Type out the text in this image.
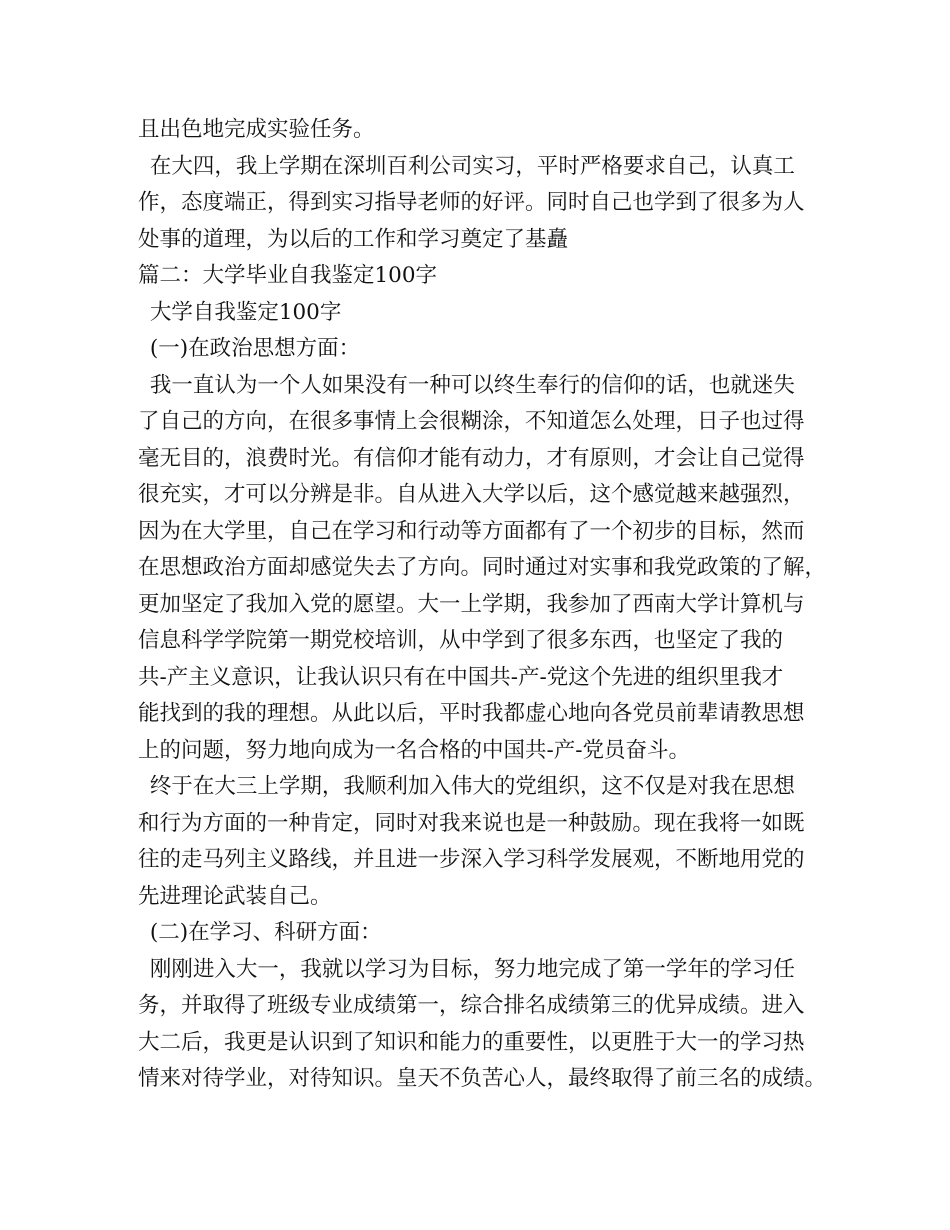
且出色地完成实验任务。
在大四，我上学期在深圳百利公司实习，平时严格要求自己，认真工
作，态度端正，得到实习指导老师的好评。同时自己也学到了很多为人
处事的道理，为以后的工作和学习奠定了基矗
篇二：大学毕业自我鉴定100字
大学自我鉴定100字
(一)在政治思想方面：
我一直认为一个人如果没有一种可以终生奉行的信仰的话，也就迷失
了自己的方向，在很多事情上会很糊涂，不知道怎么处理，日子也过得
毫无目的，浪费时光。有信仰才能有动力，才有原则，才会让自己觉得
很充实，才可以分辨是非。自从进入大学以后，这个感觉越来越强烈，
因为在大学里，自己在学习和行动等方面都有了一个初步的目标，然而
在思想政治方面却感觉失去了方向。同时通过对实事和我党政策的了解，
更加坚定了我加入党的愿望。大一上学期，我参加了西南大学计算机与
信息科学学院第一期党校培训，从中学到了很多东西，也坚定了我的
共-产主义意识，让我认识只有在中国共-产-党这个先进的组织里我才
能找到的我的理想。从此以后，平时我都虚心地向各党员前辈请教思想
上的问题，努力地向成为一名合格的中国共-产-党员奋斗。
终于在大三上学期，我顺利加入伟大的党组织，这不仅是对我在思想
和行为方面的一种肯定，同时对我来说也是一种鼓励。现在我将一如既
往的走马列主义路线，并且进一步深入学习科学发展观，不断地用党的
先进理论武装自己。
(二)在学习、科研方面：
刚刚进入大一，我就以学习为目标，努力地完成了第一学年的学习任
务，并取得了班级专业成绩第一，综合排名成绩第三的优异成绩。进入
大二后，我更是认识到了知识和能力的重要性，以更胜于大一的学习热
情来对待学业，对待知识。皇天不负苦心人，最终取得了前三名的成绩。
